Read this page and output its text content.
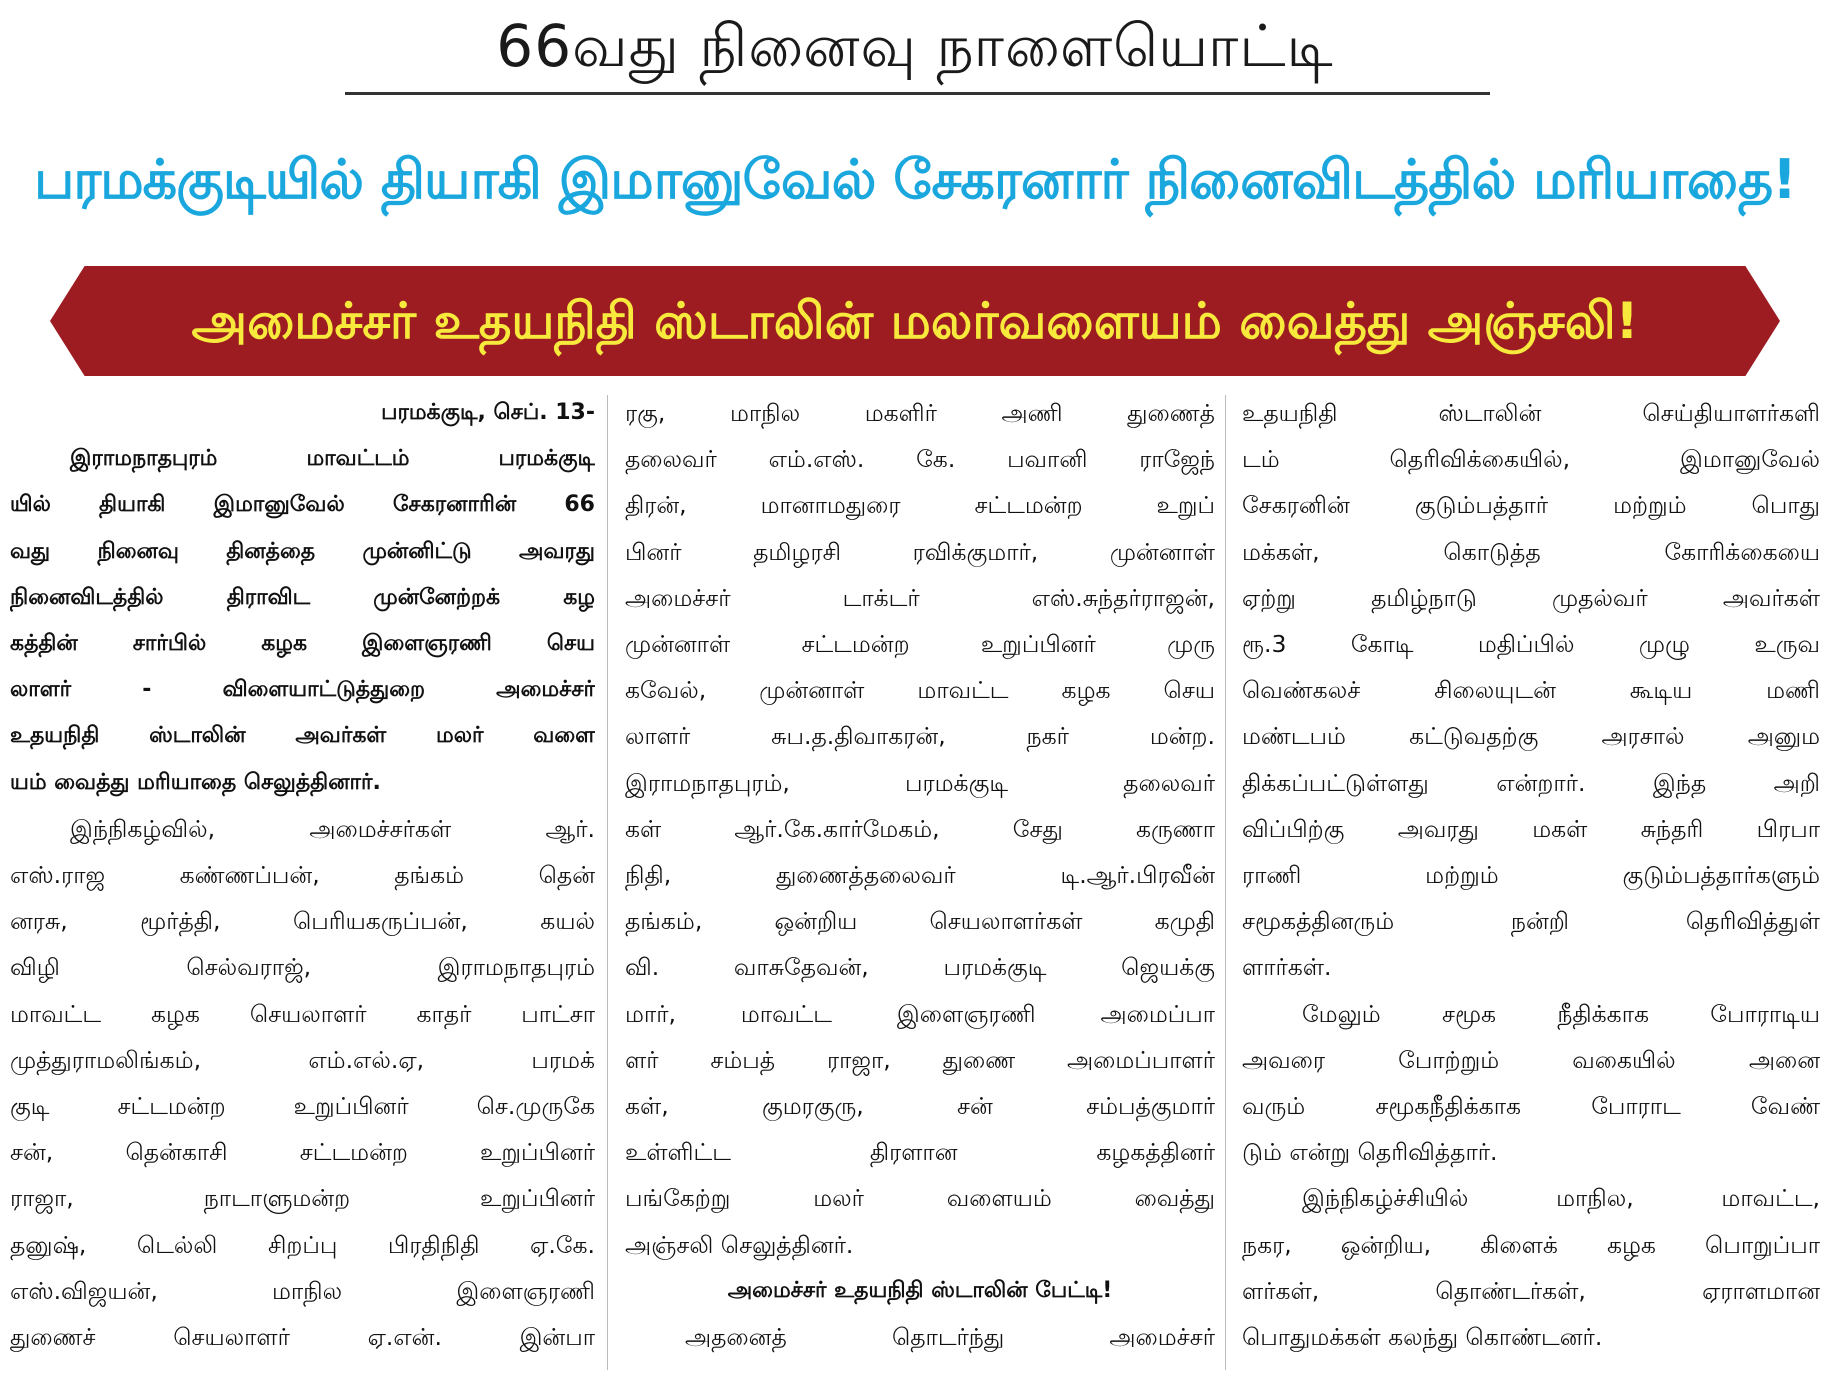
66வது நினைவு நாளையொட்டி
பரமக்குடியில் தியாகி இமானுவேல் சேகரனார் நினைவிடத்தில் மரியாதை!
அமைச்சர் உதயநிதி ஸ்டாலின் மலர்வளையம் வைத்து அஞ்சலி!
பரமக்குடி, செப். 13-
இராமநாதபுரம் மாவட்டம் பரமக்குடி
யில் தியாகி இமானுவேல் சேகரனாரின் 66
வது நினைவு தினத்தை முன்னிட்டு அவரது
நினைவிடத்தில் திராவிட முன்னேற்றக் கழ
கத்தின் சார்பில் கழக இளைஞரணி செய
லாளர் - விளையாட்டுத்துறை அமைச்சர்
உதயநிதி ஸ்டாலின் அவர்கள் மலர் வளை
யம் வைத்து மரியாதை செலுத்தினார்.
இந்நிகழ்வில், அமைச்சர்கள் ஆர்.
எஸ்.ராஜ கண்ணப்பன், தங்கம் தென்
னரசு, மூர்த்தி, பெரியகருப்பன், கயல்
விழி செல்வராஜ், இராமநாதபுரம்
மாவட்ட கழக செயலாளர் காதர் பாட்சா
முத்துராமலிங்கம், எம்.எல்.ஏ, பரமக்
குடி சட்டமன்ற உறுப்பினர் செ.முருகே
சன், தென்காசி சட்டமன்ற உறுப்பினர்
ராஜா, நாடாளுமன்ற உறுப்பினர்
தனுஷ், டெல்லி சிறப்பு பிரதிநிதி ஏ.கே.
எஸ்.விஜயன், மாநில இளைஞரணி
துணைச் செயலாளர் ஏ.என். இன்பா
ரகு, மாநில மகளிர் அணி துணைத்
தலைவர் எம்.எஸ். கே. பவானி ராஜேந்
திரன், மானாமதுரை சட்டமன்ற உறுப்
பினர் தமிழரசி ரவிக்குமார், முன்னாள்
அமைச்சர் டாக்டர் எஸ்.சுந்தர்ராஜன்,
முன்னாள் சட்டமன்ற உறுப்பினர் முரு
கவேல், முன்னாள் மாவட்ட கழக செய
லாளர் சுப.த.திவாகரன், நகர் மன்ற.
இராமநாதபுரம், பரமக்குடி தலைவர்
கள் ஆர்.கே.கார்மேகம், சேது கருணா
நிதி, துணைத்தலைவர் டி.ஆர்.பிரவீன்
தங்கம், ஒன்றிய செயலாளர்கள் கமுதி
வி. வாசுதேவன், பரமக்குடி ஜெயக்கு
மார், மாவட்ட இளைஞரணி அமைப்பா
ளர் சம்பத் ராஜா, துணை அமைப்பாளர்
கள், குமரகுரு, சன் சம்பத்குமார்
உள்ளிட்ட திரளான கழகத்தினர்
பங்கேற்று மலர் வளையம் வைத்து
அஞ்சலி செலுத்தினர்.
அமைச்சர் உதயநிதி ஸ்டாலின் பேட்டி!
அதனைத் தொடர்ந்து அமைச்சர்
உதயநிதி ஸ்டாலின் செய்தியாளர்களி
டம் தெரிவிக்கையில், இமானுவேல்
சேகரனின் குடும்பத்தார் மற்றும் பொது
மக்கள், கொடுத்த கோரிக்கையை
ஏற்று தமிழ்நாடு முதல்வர் அவர்கள்
ரூ.3 கோடி மதிப்பில் முழு உருவ
வெண்கலச் சிலையுடன் கூடிய மணி
மண்டபம் கட்டுவதற்கு அரசால் அனும
திக்கப்பட்டுள்ளது என்றார். இந்த அறி
விப்பிற்கு அவரது மகள் சுந்தரி பிரபா
ராணி மற்றும் குடும்பத்தார்களும்
சமூகத்தினரும் நன்றி தெரிவித்துள்
ளார்கள்.
மேலும் சமூக நீதிக்காக போராடிய
அவரை போற்றும் வகையில் அனை
வரும் சமூகநீதிக்காக போராட வேண்
டும் என்று தெரிவித்தார்.
இந்நிகழ்ச்சியில் மாநில, மாவட்ட,
நகர, ஒன்றிய, கிளைக் கழக பொறுப்பா
ளர்கள், தொண்டர்கள், ஏராளமான
பொதுமக்கள் கலந்து கொண்டனர்.
